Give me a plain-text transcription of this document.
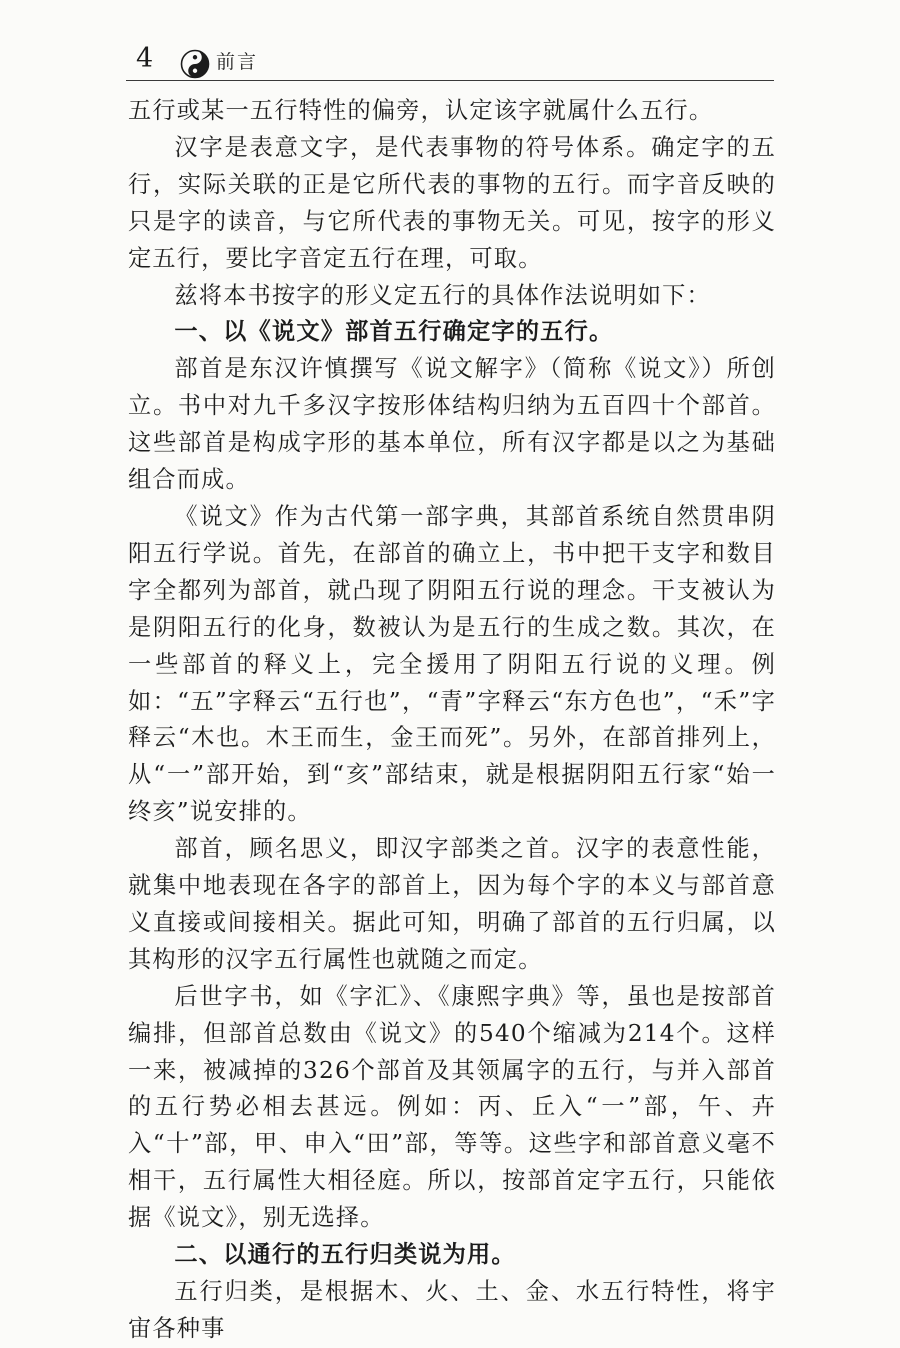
4	前言

五行或某一五行特性的偏旁，认定该字就属什么五行。

汉字是表意文字，是代表事物的符号体系。确定字的五行，实际关联的正是它所代表的事物的五行。而字音反映的只是字的读音，与它所代表的事物无关。可见，按字的形义定五行，要比字音定五行在理，可取。

兹将本书按字的形义定五行的具体作法说明如下：

一、以《说文》部首五行确定字的五行。

部首是东汉许慎撰写《说文解字》（简称《说文》）所创立。书中对九千多汉字按形体结构归纳为五百四十个部首。这些部首是构成字形的基本单位，所有汉字都是以之为基础组合而成。

《说文》作为古代第一部字典，其部首系统自然贯串阴阳五行学说。首先，在部首的确立上，书中把干支字和数目字全都列为部首，就凸现了阴阳五行说的理念。干支被认为是阴阳五行的化身，数被认为是五行的生成之数。其次，在一些部首的释义上，完全援用了阴阳五行说的义理。例如：“五”字释云“五行也”，“青”字释云“东方色也”，“禾”字释云“木也。木王而生，金王而死”。另外，在部首排列上，从“一”部开始，到“亥”部结束，就是根据阴阳五行家“始一终亥”说安排的。

部首，顾名思义，即汉字部类之首。汉字的表意性能，就集中地表现在各字的部首上，因为每个字的本义与部首意义直接或间接相关。据此可知，明确了部首的五行归属，以其构形的汉字五行属性也就随之而定。

后世字书，如《字汇》、《康熙字典》等，虽也是按部首编排，但部首总数由《说文》的540个缩减为214个。这样一来，被减掉的326个部首及其领属字的五行，与并入部首的五行势必相去甚远。例如：丙、丘入“一”部，午、卉入“十”部，甲、申入“田”部，等等。这些字和部首意义毫不相干，五行属性大相径庭。所以，按部首定字五行，只能依据《说文》，别无选择。

二、以通行的五行归类说为用。

五行归类，是根据木、火、土、金、水五行特性，将宇宙各种事
